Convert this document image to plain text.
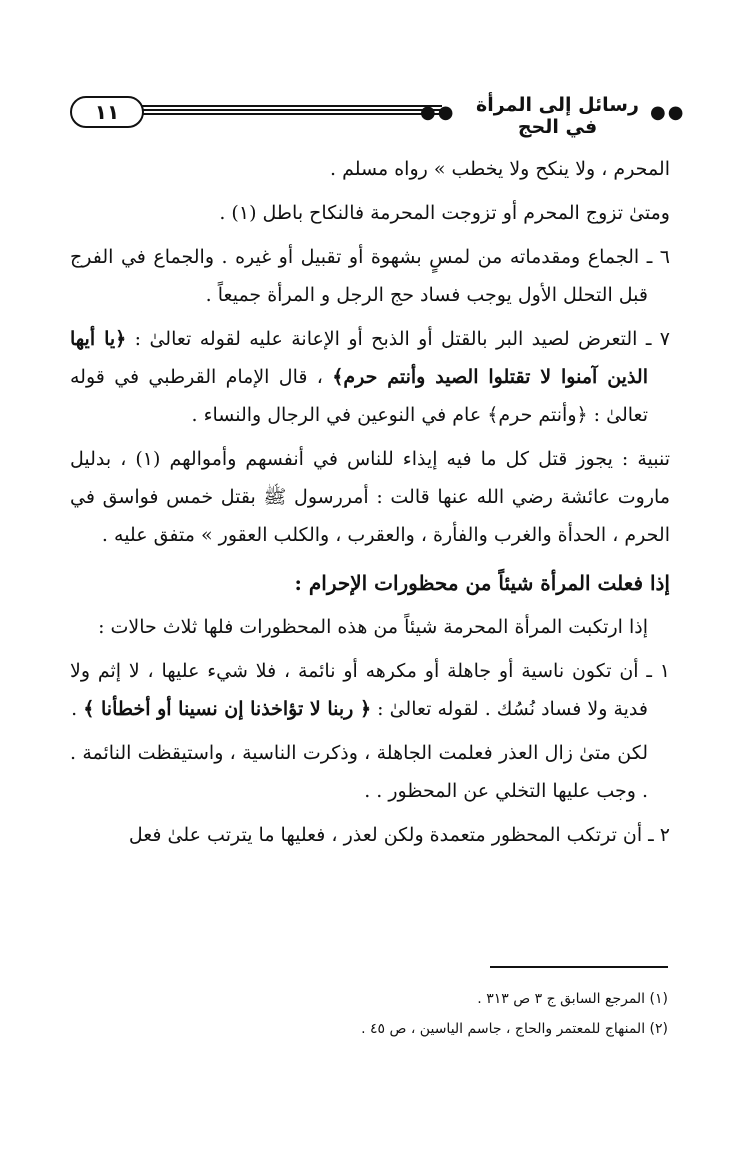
١١	●●	رسائل إلى المرأة في الحج
●●

المحرم ، ولا ينكح ولا يخطب » رواه مسلم .

ومتىٰ تزوج المحرم أو تزوجت المحرمة فالنكاح باطل (١) .

٦ ـ الجماع ومقدماته من لمسٍ بشهوة أو تقبيل أو غيره . والجماع في الفرج قبل التحلل الأول يوجب فساد حج الرجل و المرأة جميعاً .

٧ ـ التعرض لصيد البر بالقتل أو الذبح أو الإعانة عليه لقوله تعالىٰ : ﴿يا أيها الذين آمنوا لا تقتلوا الصيد وأنتم حرم﴾ ، قال الإمام القرطبي في قوله تعالىٰ : ﴿وأنتم حرم﴾ عام في النوعين في الرجال والنساء .

تنبية : يجوز قتل كل ما فيه إيذاء للناس في أنفسهم وأموالهم (١) ، بدليل ماروت عائشة رضي الله عنها قالت : أمررسول ﷺ بقتل خمس فواسق في الحرم ، الحدأة والغرب والفأرة ، والعقرب ، والكلب العقور » متفق عليه .

إذا فعلت المرأة شيئاً من محظورات الإحرام :

إذا ارتكبت المرأة المحرمة شيئاً من هذه المحظورات فلها ثلاث حالات :

١ ـ أن تكون ناسية أو جاهلة أو مكرهه أو نائمة ، فلا شيء عليها ، لا إثم ولا فدية ولا فساد نُسُك . لقوله تعالىٰ : ﴿ ربنا لا تؤاخذنا إن نسينا أو أخطأنا ﴾ .

لكن متىٰ زال العذر فعلمت الجاهلة ، وذكرت الناسية ، واستيقظت النائمة . . وجب عليها التخلي عن المحظور . .

٢ ـ أن ترتكب المحظور متعمدة ولكن لعذر ، فعليها ما يترتب علىٰ فعل

(١) المرجع السابق ج ٣ ص ٣١٣ .
(٢) المنهاج للمعتمر والحاج ، جاسم الياسين ، ص ٤٥ .
